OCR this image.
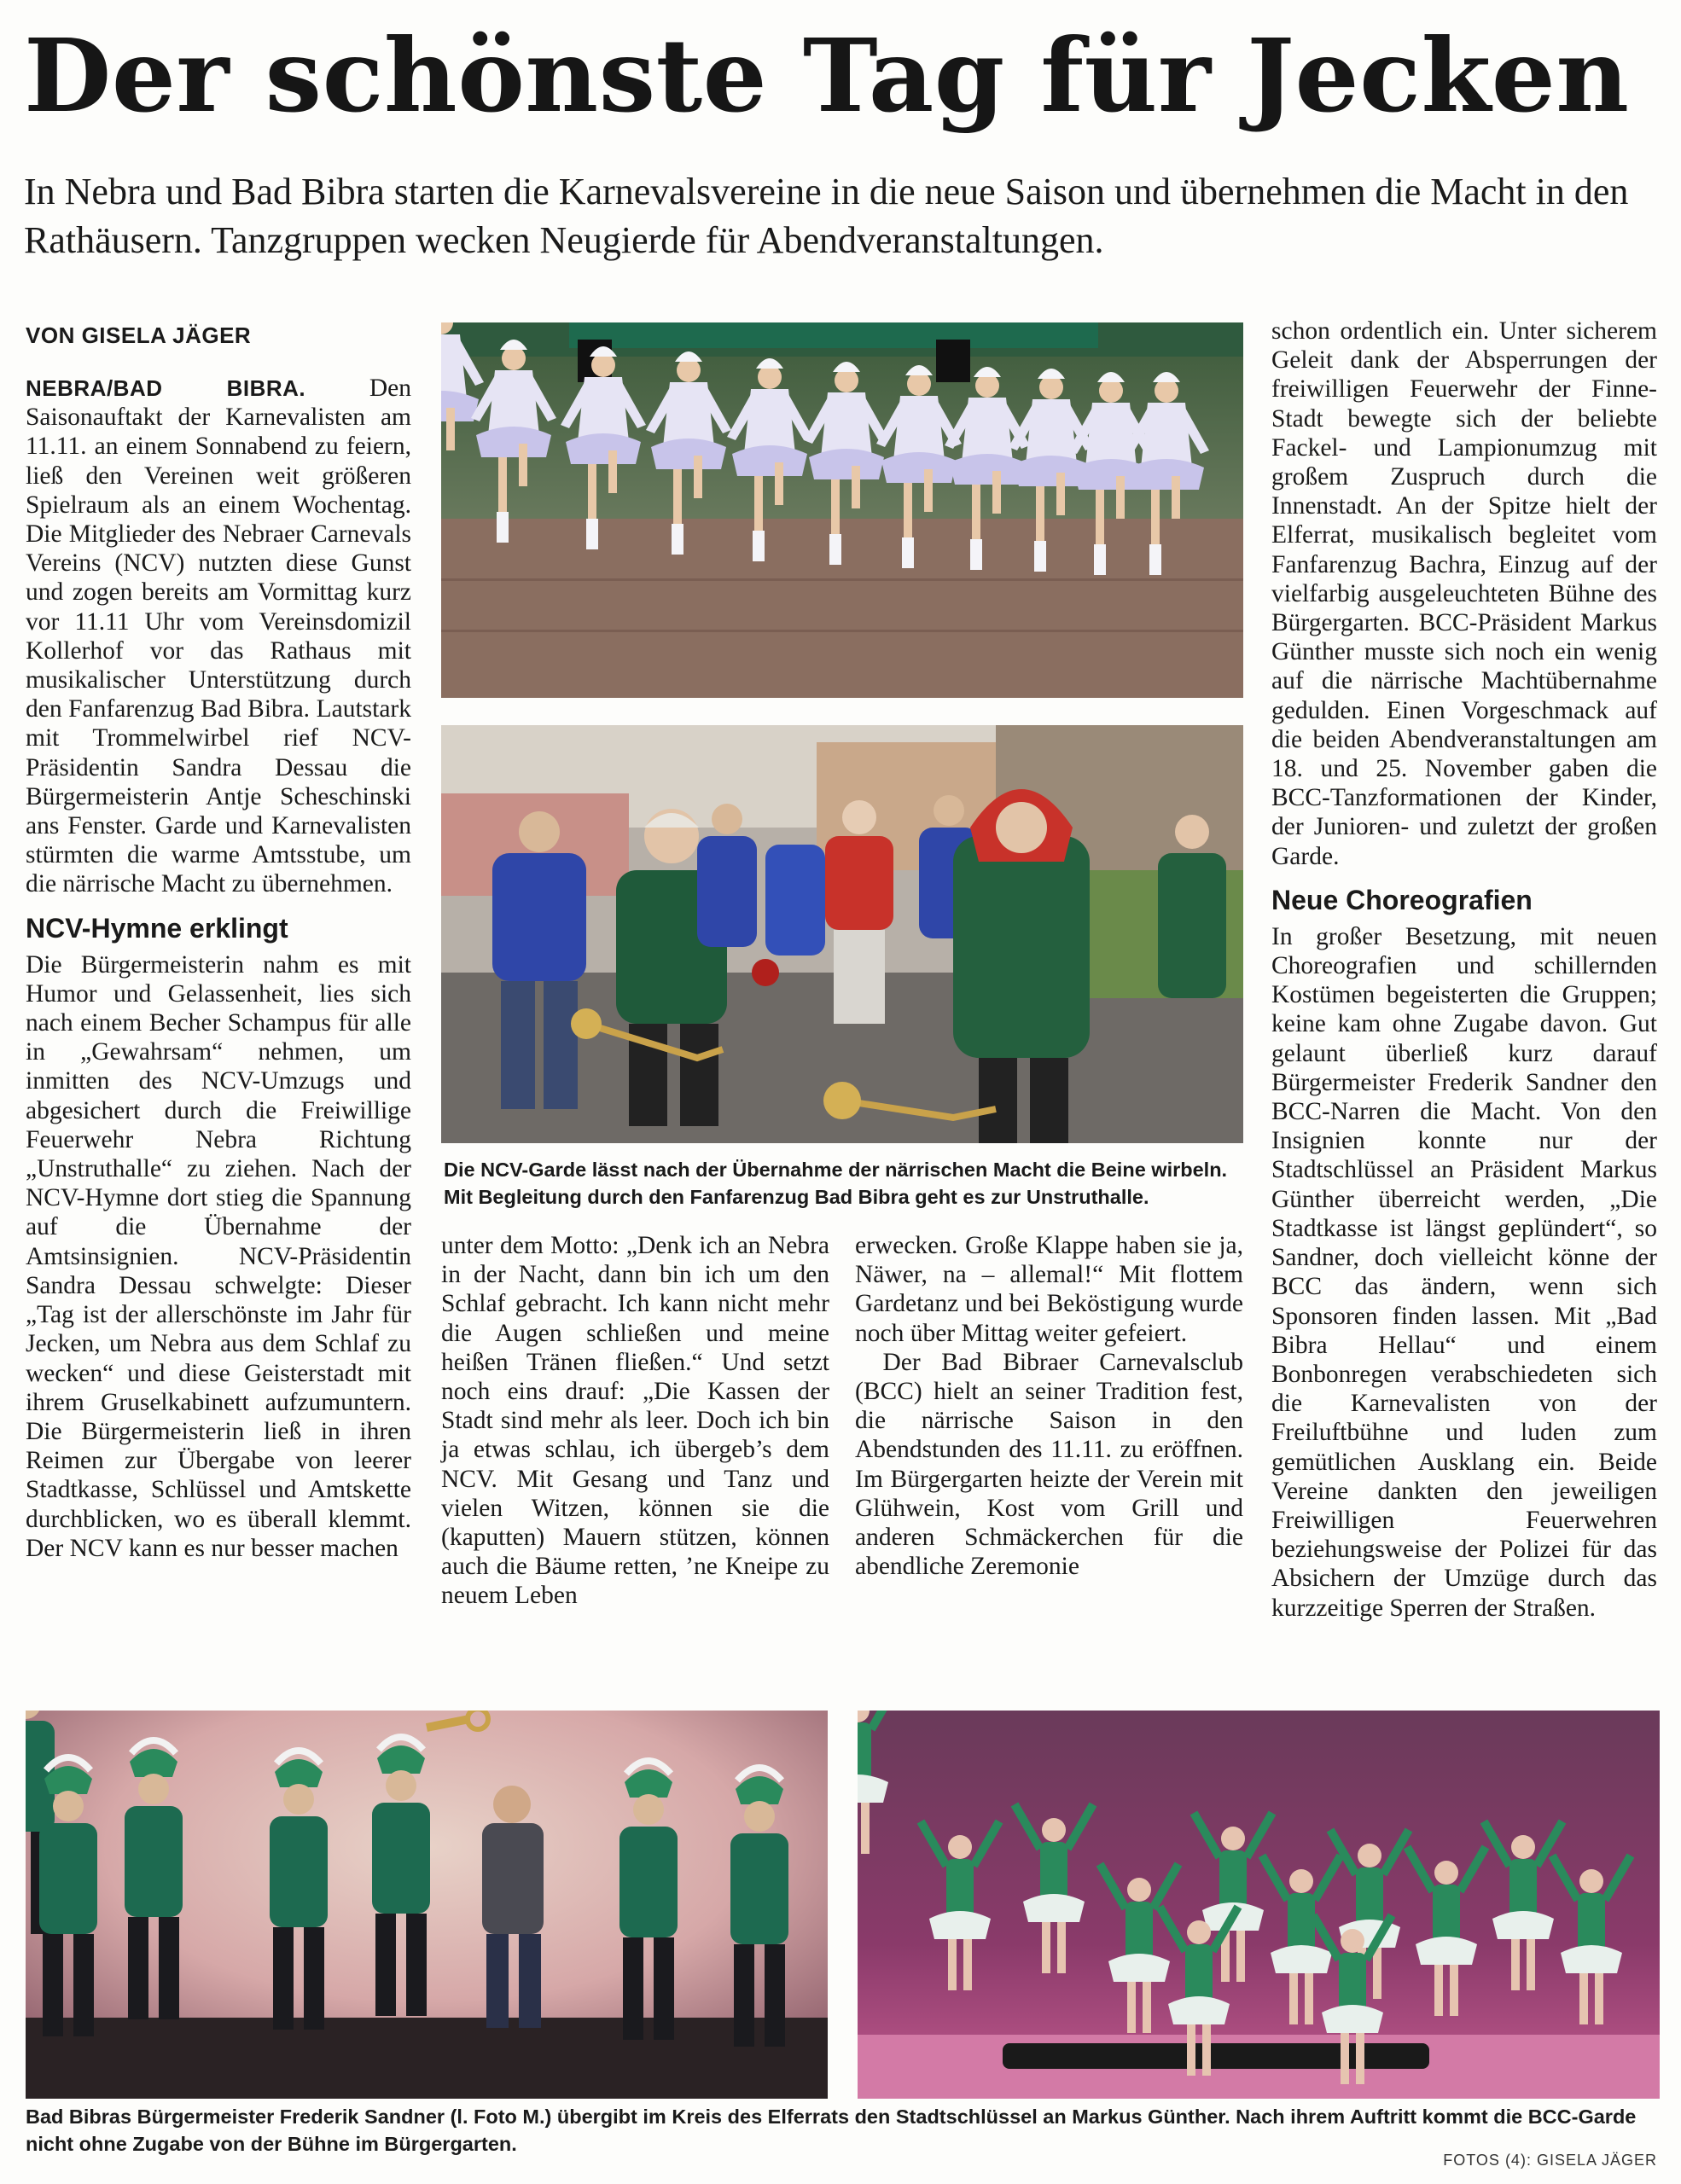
Der schönste Tag für Jecken

In Nebra und Bad Bibra starten die Karnevalsvereine in die neue Saison und übernehmen die Macht in den Rathäusern. Tanzgruppen wecken Neugierde für Abendveranstaltungen.

VON GISELA JÄGER

NEBRA/BAD BIBRA.	Den Saisonauftakt der Karnevalisten am 11.11. an einem Sonnabend zu feiern, ließ den Vereinen weit größeren Spielraum als an einem Wochentag. Die Mitglieder des Nebraer Carnevals Vereins (NCV) nutzten diese Gunst und zogen bereits am Vormittag kurz vor 11.11 Uhr vom Vereinsdomizil Kollerhof vor das Rathaus mit musikalischer Unterstützung durch den Fanfarenzug Bad Bibra. Lautstark mit Trommelwirbel rief NCV-Präsidentin Sandra Dessau die Bürgermeisterin Antje Scheschinski ans Fenster. Garde und Karnevalisten stürmten die warme Amtsstube, um die närrische Macht zu übernehmen.

NCV-Hymne erklingt

Die Bürgermeisterin nahm es mit Humor und Gelassenheit, lies sich nach einem Becher Schampus für alle in „Gewahrsam“ nehmen, um inmitten des NCV-Umzugs und abgesichert durch die Freiwillige Feuerwehr Nebra Richtung „Unstruthalle“ zu ziehen. Nach der NCV-Hymne dort stieg die Spannung auf die Übernahme der Amtsinsignien. NCV-Präsidentin Sandra Dessau schwelgte: Dieser „Tag ist der allerschönste im Jahr für Jecken, um Nebra aus dem Schlaf zu wecken“ und diese Geisterstadt mit ihrem Gruselkabinett aufzumuntern. Die Bürgermeisterin ließ in ihren Reimen zur Übergabe von leerer Stadtkasse, Schlüssel und Amtskette durchblicken, wo es überall klemmt. Der NCV kann es nur besser machen

Die NCV-Garde lässt nach der Übernahme der närrischen Macht die Beine wirbeln. Mit Begleitung durch den Fanfarenzug Bad Bibra geht es zur Unstruthalle.

unter dem Motto: „Denk ich an Nebra in der Nacht, dann bin ich um den Schlaf gebracht. Ich kann nicht mehr die Augen schließen und meine heißen Tränen fließen.“ Und setzt noch eins drauf: „Die Kassen der Stadt sind mehr als leer. Doch ich bin ja etwas schlau, ich übergeb’s dem NCV. Mit Gesang und Tanz und vielen Witzen, können sie die (kaputten) Mauern stützen, können auch die Bäume retten, ’ne Kneipe zu neuem Leben

erwecken. Große Klappe haben sie ja, Näwer, na – allemal!“ Mit flottem Gardetanz und bei Beköstigung wurde noch über Mittag weiter gefeiert.

Der Bad Bibraer Carnevalsclub (BCC) hielt an seiner Tradition fest, die närrische Saison in den Abendstunden des 11.11. zu eröffnen. Im Bürgergarten heizte der Verein mit Glühwein, Kost vom Grill und anderen Schmäckerchen für die abendliche Zeremonie

schon ordentlich ein. Unter sicherem Geleit dank der Absperrungen der freiwilligen Feuerwehr der Finne-Stadt bewegte sich der beliebte Fackel- und Lampionumzug mit großem Zuspruch durch die Innenstadt. An der Spitze hielt der Elferrat, musikalisch begleitet vom Fanfarenzug Bachra, Einzug auf der vielfarbig ausgeleuchteten Bühne des Bürgergarten. BCC-Präsident Markus Günther musste sich noch ein wenig auf die närrische Machtübernahme gedulden. Einen Vorgeschmack auf die beiden Abendveranstaltungen am 18. und 25. November gaben die BCC-Tanzformationen der Kinder, der Junioren- und zuletzt der großen Garde.

Neue Choreografien

In großer Besetzung, mit neuen Choreografien und schillernden Kostümen begeisterten die Gruppen; keine kam ohne Zugabe davon. Gut gelaunt überließ kurz darauf Bürgermeister Frederik Sandner den BCC-Narren die Macht. Von den Insignien konnte nur der Stadtschlüssel an Präsident Markus Günther überreicht werden, „Die Stadtkasse ist längst geplündert“, so Sandner, doch vielleicht könne der BCC das ändern, wenn sich Sponsoren finden lassen. Mit „Bad Bibra Hellau“ und einem Bonbonregen verabschiedeten sich die Karnevalisten von der Freiluftbühne und luden zum gemütlichen Ausklang ein. Beide Vereine dankten den jeweiligen Freiwilligen Feuerwehren beziehungsweise der Polizei für das Absichern der Umzüge durch das kurzzeitige Sperren der Straßen.

Bad Bibras Bürgermeister Frederik Sandner (l. Foto M.) übergibt im Kreis des Elferrats den Stadtschlüssel an Markus Günther. Nach ihrem Auftritt kommt die BCC-Garde nicht ohne Zugabe von der Bühne im Bürgergarten.

FOTOS (4): GISELA JÄGER
